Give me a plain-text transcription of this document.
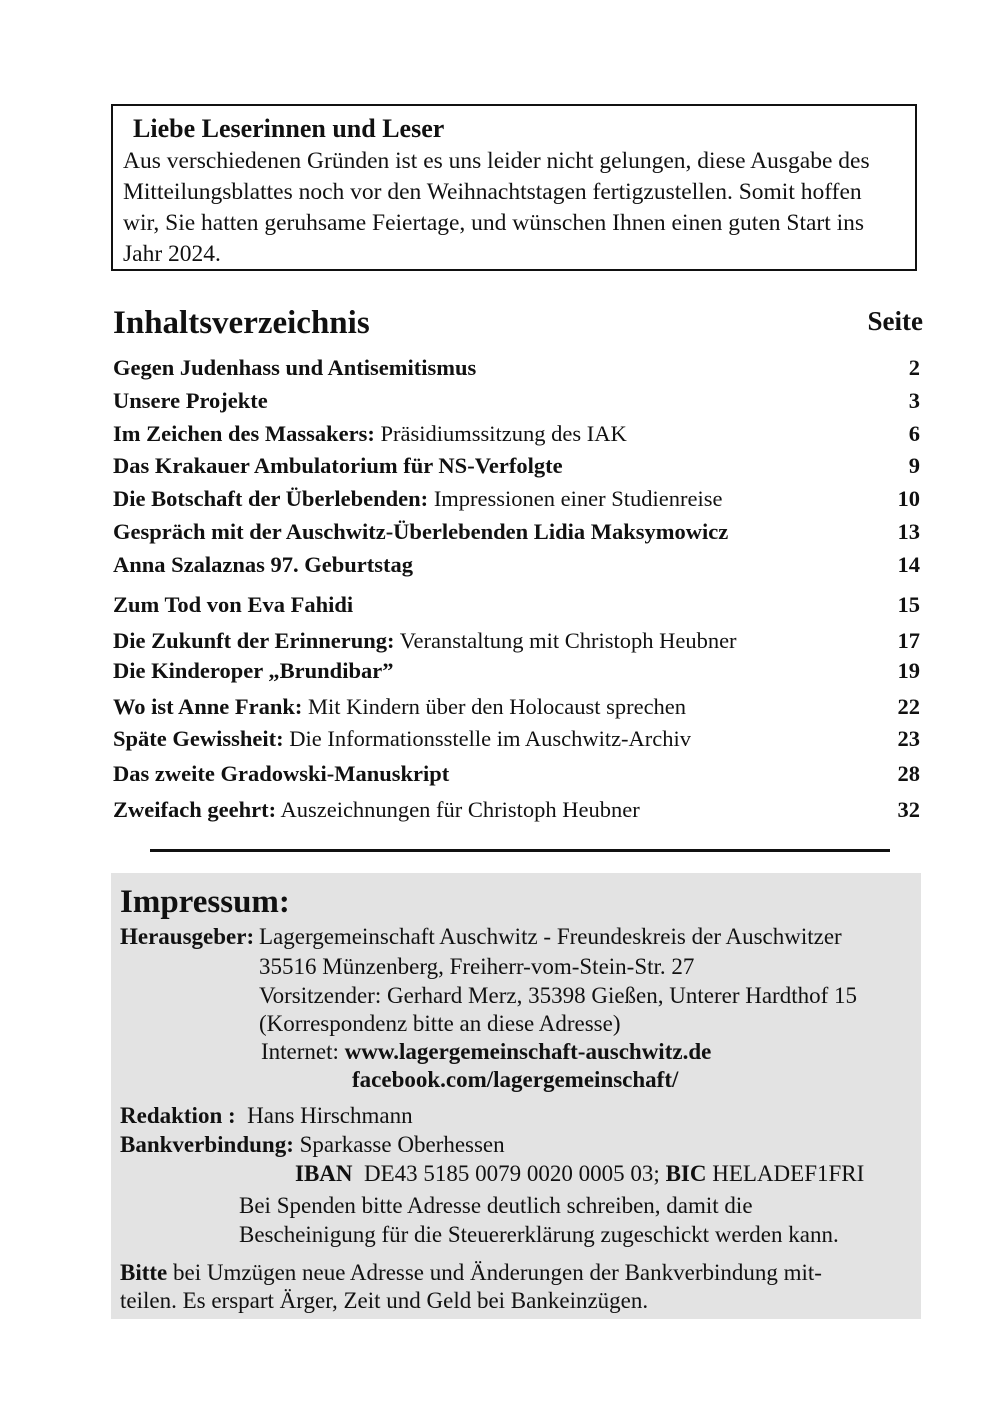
Liebe Leserinnen und Leser
Aus verschiedenen Gründen ist es uns leider nicht gelungen, diese Ausgabe des
Mitteilungsblattes noch vor den Weihnachtstagen fertigzustellen. Somit hoffen
wir, Sie hatten geruhsame Feiertage, und wünschen Ihnen einen guten Start ins
Jahr 2024.
Inhaltsverzeichnis	Seite
Gegen Judenhass und Antisemitismus	2
Unsere Projekte	3
Im Zeichen des Massakers: Präsidiumssitzung des IAK	6
Das Krakauer Ambulatorium für NS-Verfolgte	9
Die Botschaft der Überlebenden: Impressionen einer Studienreise	10
Gespräch mit der Auschwitz-Überlebenden Lidia Maksymowicz	13
Anna Szalaznas 97. Geburtstag	14
Zum Tod von Eva Fahidi	15
Die Zukunft der Erinnerung: Veranstaltung mit Christoph Heubner	17
Die Kinderoper „Brundibar”	19
Wo ist Anne Frank: Mit Kindern über den Holocaust sprechen	22
Späte Gewissheit: Die Informationsstelle im Auschwitz-Archiv	23
Das zweite Gradowski-Manuskript	28
Zweifach geehrt: Auszeichnungen für Christoph Heubner	32
Impressum:
Herausgeber: Lagergemeinschaft Auschwitz - Freundeskreis der Auschwitzer
35516 Münzenberg, Freiherr-vom-Stein-Str. 27
Vorsitzender: Gerhard Merz, 35398 Gießen, Unterer Hardthof 15
(Korrespondenz bitte an diese Adresse)
Internet: www.lagergemeinschaft-auschwitz.de
facebook.com/lagergemeinschaft/
Redaktion : Hans Hirschmann
Bankverbindung: Sparkasse Oberhessen
IBAN DE43 5185 0079 0020 0005 03; BIC HELADEF1FRI
Bei Spenden bitte Adresse deutlich schreiben, damit die
Bescheinigung für die Steuererklärung zugeschickt werden kann.
Bitte bei Umzügen neue Adresse und Änderungen der Bankverbindung mit-
teilen. Es erspart Ärger, Zeit und Geld bei Bankeinzügen.
